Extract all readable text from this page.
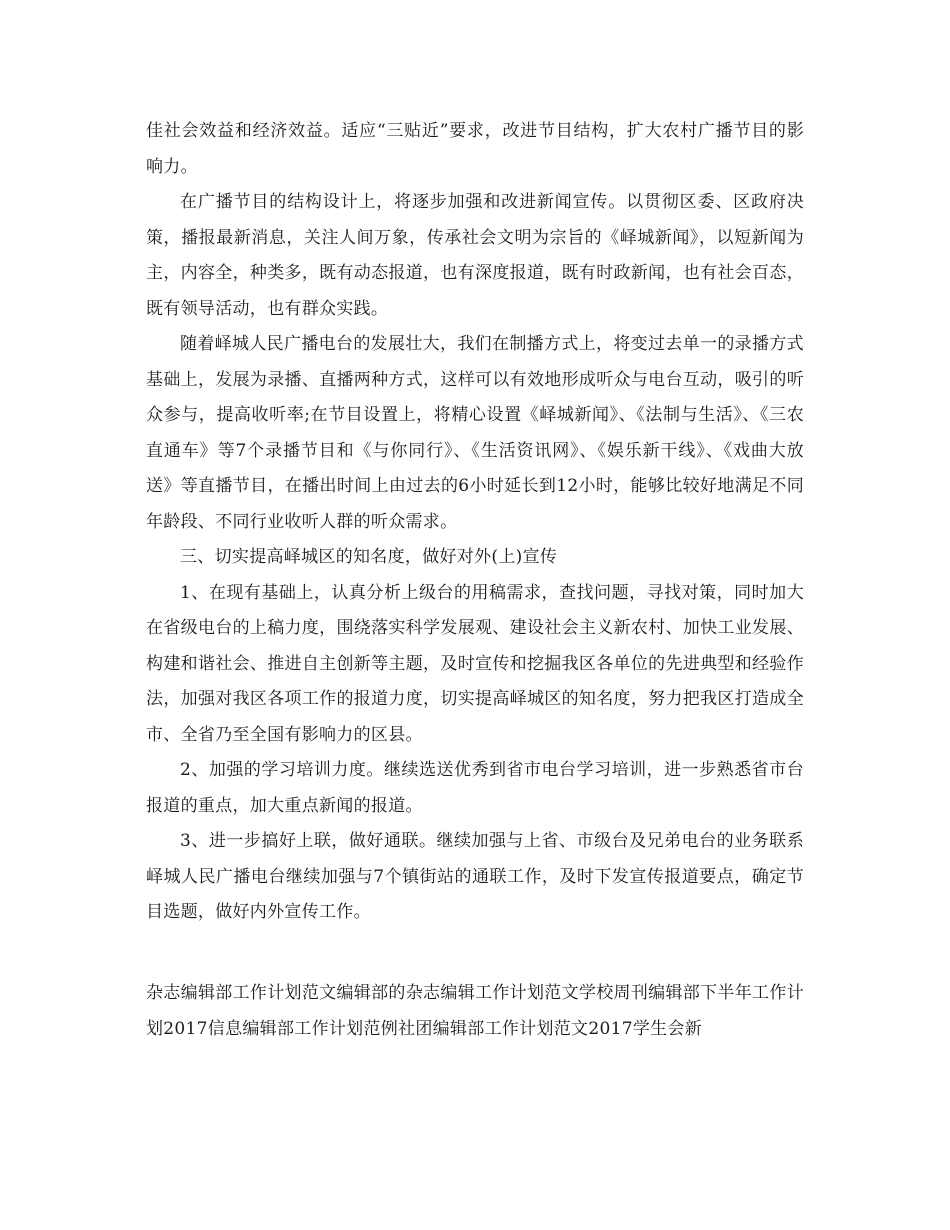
佳社会效益和经济效益。适应“三贴近”要求，改进节目结构，扩大农村广播节目的影响力。

在广播节目的结构设计上，将逐步加强和改进新闻宣传。以贯彻区委、区政府决策，播报最新消息，关注人间万象，传承社会文明为宗旨的《峄城新闻》，以短新闻为主，内容全，种类多，既有动态报道，也有深度报道，既有时政新闻，也有社会百态，既有领导活动，也有群众实践。

随着峄城人民广播电台的发展壮大，我们在制播方式上，将变过去单一的录播方式基础上，发展为录播、直播两种方式，这样可以有效地形成听众与电台互动，吸引的听众参与，提高收听率;在节目设置上，将精心设置《峄城新闻》、《法制与生活》、《三农直通车》等7个录播节目和《与你同行》、《生活资讯网》、《娱乐新干线》、《戏曲大放送》等直播节目，在播出时间上由过去的6小时延长到12小时，能够比较好地满足不同年龄段、不同行业收听人群的听众需求。

三、切实提高峄城区的知名度，做好对外(上)宣传

1、在现有基础上，认真分析上级台的用稿需求，查找问题，寻找对策，同时加大在省级电台的上稿力度，围绕落实科学发展观、建设社会主义新农村、加快工业发展、构建和谐社会、推进自主创新等主题，及时宣传和挖掘我区各单位的先进典型和经验作法，加强对我区各项工作的报道力度，切实提高峄城区的知名度，努力把我区打造成全市、全省乃至全国有影响力的区县。

2、加强的学习培训力度。继续选送优秀到省市电台学习培训，进一步熟悉省市台报道的重点，加大重点新闻的报道。

3、进一步搞好上联，做好通联。继续加强与上省、市级台及兄弟电台的业务联系峄城人民广播电台继续加强与7个镇街站的通联工作，及时下发宣传报道要点，确定节目选题，做好内外宣传工作。

杂志编辑部工作计划范文编辑部的杂志编辑工作计划范文学校周刊编辑部下半年工作计划2017信息编辑部工作计划范例社团编辑部工作计划范文2017学生会新
